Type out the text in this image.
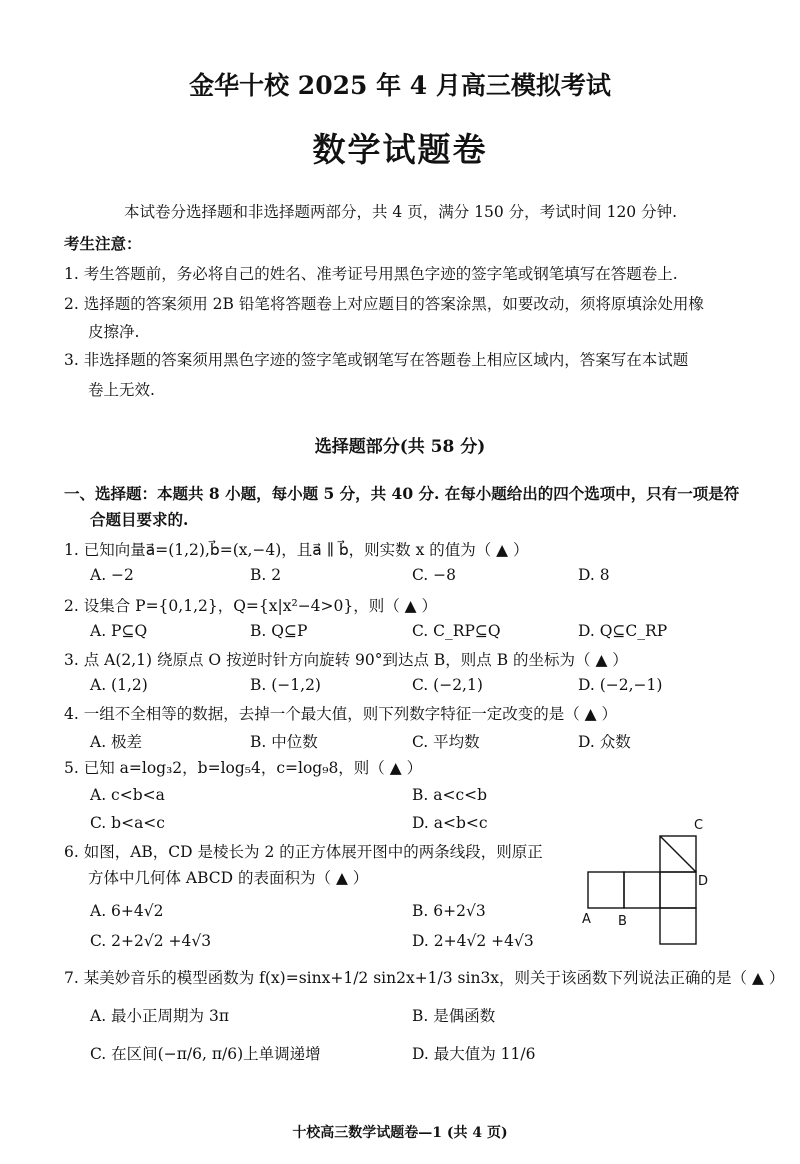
金华十校 2025 年 4 月高三模拟考试
数学试题卷
本试卷分选择题和非选择题两部分，共 4 页，满分 150 分，考试时间 120 分钟.
考生注意：
1. 考生答题前，务必将自己的姓名、准考证号用黑色字迹的签字笔或钢笔填写在答题卷上.
2. 选择题的答案须用 2B 铅笔将答题卷上对应题目的答案涂黑，如要改动，须将原填涂处用橡
皮擦净.
3. 非选择题的答案须用黑色字迹的签字笔或钢笔写在答题卷上相应区域内，答案写在本试题
卷上无效.
选择题部分(共 58 分)
一、选择题：本题共 8 小题，每小题 5 分，共 40 分. 在每小题给出的四个选项中，只有一项是符
合题目要求的.
1. 已知向量a⃗=(1,2),b⃗=(x,−4)，且a⃗ ∥ b⃗，则实数 x 的值为（ ▲ ）
A. −2	B. 2	C. −8	D. 8
2. 设集合 P={0,1,2}，Q={x|x²−4>0}，则（ ▲ ）
A. P⊆Q	B. Q⊆P	C. C_RP⊆Q	D. Q⊆C_RP
3. 点 A(2,1) 绕原点 O 按逆时针方向旋转 90°到达点 B，则点 B 的坐标为（ ▲ ）
A. (1,2)	B. (−1,2)	C. (−2,1)	D. (−2,−1)
4. 一组不全相等的数据，去掉一个最大值，则下列数字特征一定改变的是（ ▲ ）
A. 极差	B. 中位数	C. 平均数	D. 众数
5. 已知 a=log₃2，b=log₅4，c=log₉8，则（ ▲ ）
A. c<b<a	B. a<c<b
C. b<a<c	D. a<b<c
6. 如图，AB，CD 是棱长为 2 的正方体展开图中的两条线段，则原正
方体中几何体 ABCD 的表面积为（ ▲ ）
A. 6+4√2	B. 6+2√3
C. 2+2√2 +4√3	D. 2+4√2 +4√3
C
D
A B
7. 某美妙音乐的模型函数为 f(x)=sinx+1/2 sin2x+1/3 sin3x，则关于该函数下列说法正确的是（ ▲ ）
A. 最小正周期为 3π	B. 是偶函数
C. 在区间(−π/6, π/6)上单调递增	D. 最大值为 11/6
十校高三数学试题卷—1 (共 4 页)
